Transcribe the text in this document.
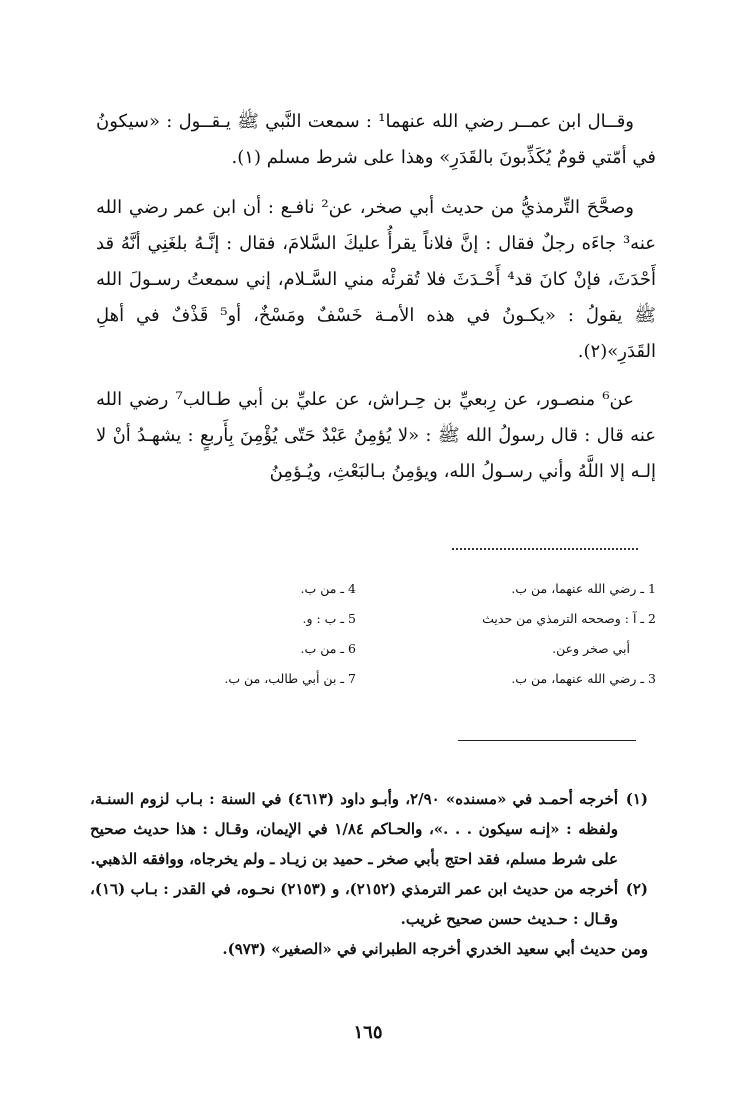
وقــال ابن عمــر رضي الله عنهما¹ : سمعت النَّبي ﷺ يـقــول : «سيكونُ في أمّتي قومٌ يُكَذِّبونَ بالقَدَرِ» وهذا على شرط مسلم (١).

وصحَّحَ التِّرمذيُّ من حديث أبي صخر، عن² نافـع : أن ابن عمر رضي الله عنه³ جاءَه رجلٌ فقال : إنَّ فلاناً يقرأُ عليكَ السَّلامَ، فقال : إنَّـهُ بلغَنِي أنَّهُ قد أَحْدَثَ، فإنْ كانَ قد⁴ أَحْـدَثَ فلا تُقرئْه مني السَّـلام، إني سمعتُ رسـولَ الله ﷺ يقولُ : «يكـونُ في هذه الأمـة خَسْفٌ ومَسْخٌ، أو⁵ قَذْفٌ في أهلِ القَدَرِ»(٢).

عن⁶ منصـور، عن رِبعيِّ بن حِـراش، عن عليِّ بن أبي طـالب⁷ رضي الله عنه قال : قال رسولُ الله ﷺ : «لا يُؤمِنُ عَبْدٌ حَتّى يُؤْمِنَ بِأَربعٍ : يشهـدُ أنْ لا إلـه إلا اللَّهُ وأني رسـولُ الله، ويؤمِنُ بـالبَعْثِ، ويُـؤمِنُ

1 ـ رضي الله عنهما، من ب.
2 ـ آ : وصححه الترمذي من حديث
أبي صخر وعن.
3 ـ رضي الله عنهما، من ب.
4 ـ من ب.
5 ـ ب : و.
6 ـ من ب.
7 ـ بن أبي طالب، من ب.

(١)أخرجه أحمـد في «مسنده» ٢/٩٠، وأبـو داود (٤٦١٣) في السنة : بـاب لزوم السنـة، ولفظه : «إنـه سيكون . . .»، والحـاكم ١/٨٤ في الإيمان، وقـال : هذا حديث صحيح على شرط مسلم، فقد احتج بأبي صخر ـ حميد بن زيـاد ـ ولم يخرجاه، ووافقه الذهبي.

(٢)أخرجه من حديث ابن عمر الترمذي (٢١٥٢)، و (٢١٥٣) نحـوه، في القدر : بـاب (١٦)، وقـال : حـديث حسن صحيح غريب.

ومن حديث أبي سعيد الخدري أخرجه الطبراني في «الصغير» (٩٧٣).

١٦٥
